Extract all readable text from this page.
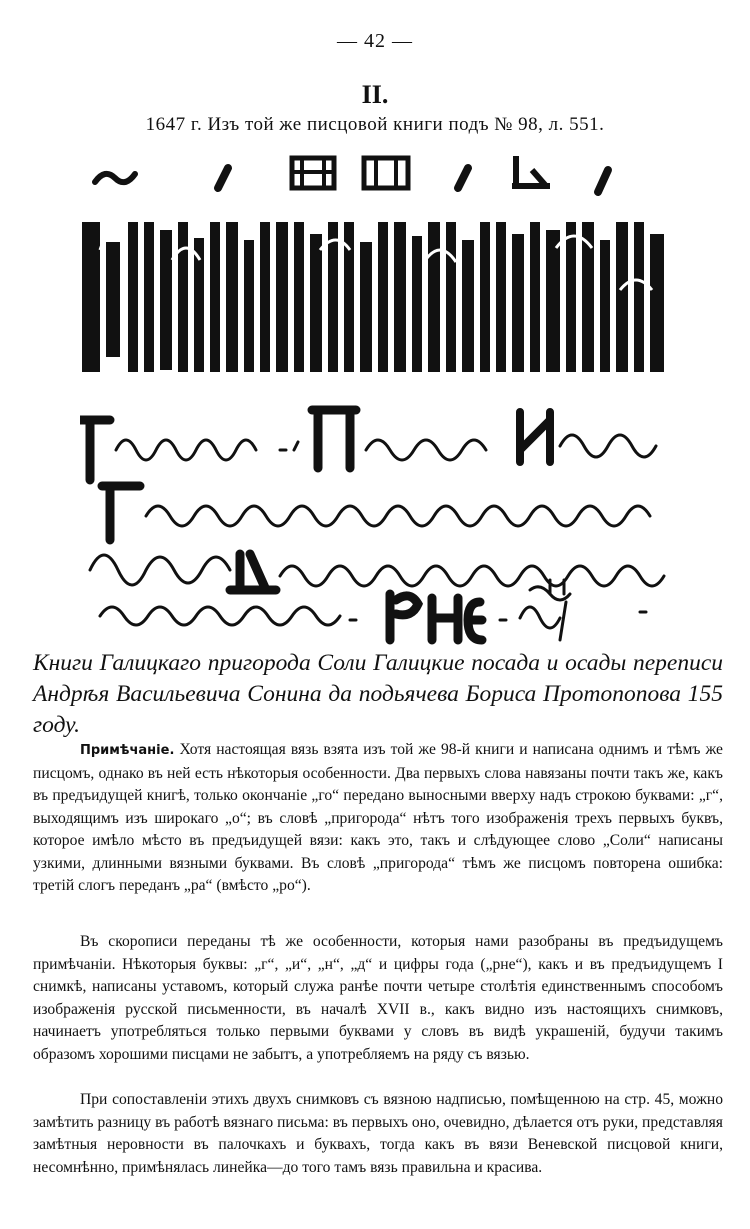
— 42 —
II.
1647 г. Изъ той же писцовой книги подъ № 98, л. 551.

Книги Галицкаго пригорода Соли Галицкие посада и осады переписи Андрѣя Васильевича Сонина да подьячева Бориса Протопопова 155 году.

Примѣчаніе. Хотя настоящая вязь взята изъ той же 98-й книги и написана однимъ и тѣмъ же писцомъ, однако въ ней есть нѣкоторыя особенности. Два первыхъ слова навязаны почти такъ же, какъ въ предъидущей книгѣ, только окончаніе „го“ передано выносными вверху надъ строкою буквами: „г“, выходящимъ изъ широкаго „о“; въ словѣ „пригорода“ нѣтъ того изображенія трехъ первыхъ буквъ, которое имѣло мѣсто въ предъидущей вязи: какъ это, такъ и слѣдующее слово „Соли“ написаны узкими, длинными вязными буквами. Въ словѣ „пригорода“ тѣмъ же писцомъ повторена ошибка: третій слогъ переданъ „ра“ (вмѣсто „ро“).

Въ скорописи переданы тѣ же особенности, которыя нами разобраны въ предъидущемъ примѣчаніи. Нѣкоторыя буквы: „г“, „и“, „н“, „д“ и цифры года („рне“), какъ и въ предъидущемъ I снимкѣ, написаны уставомъ, который служа ранѣе почти четыре столѣтія единственнымъ способомъ изображенія русской письменности, въ началѣ XVII в., какъ видно изъ настоящихъ снимковъ, начинаетъ употребляться только первыми буквами у словъ въ видѣ украшеній, будучи такимъ образомъ хорошими писцами не забытъ, а употребляемъ на ряду съ вязью.

При сопоставленіи этихъ двухъ снимковъ съ вязною надписью, помѣщенною на стр. 45, можно замѣтить разницу въ работѣ вязнаго письма: въ первыхъ оно, очевидно, дѣлается отъ руки, представляя замѣтныя неровности въ палочкахъ и буквахъ, тогда какъ въ вязи Веневской писцовой книги, несомнѣнно, примѣнялась линейка—до того тамъ вязь правильна и красива.
